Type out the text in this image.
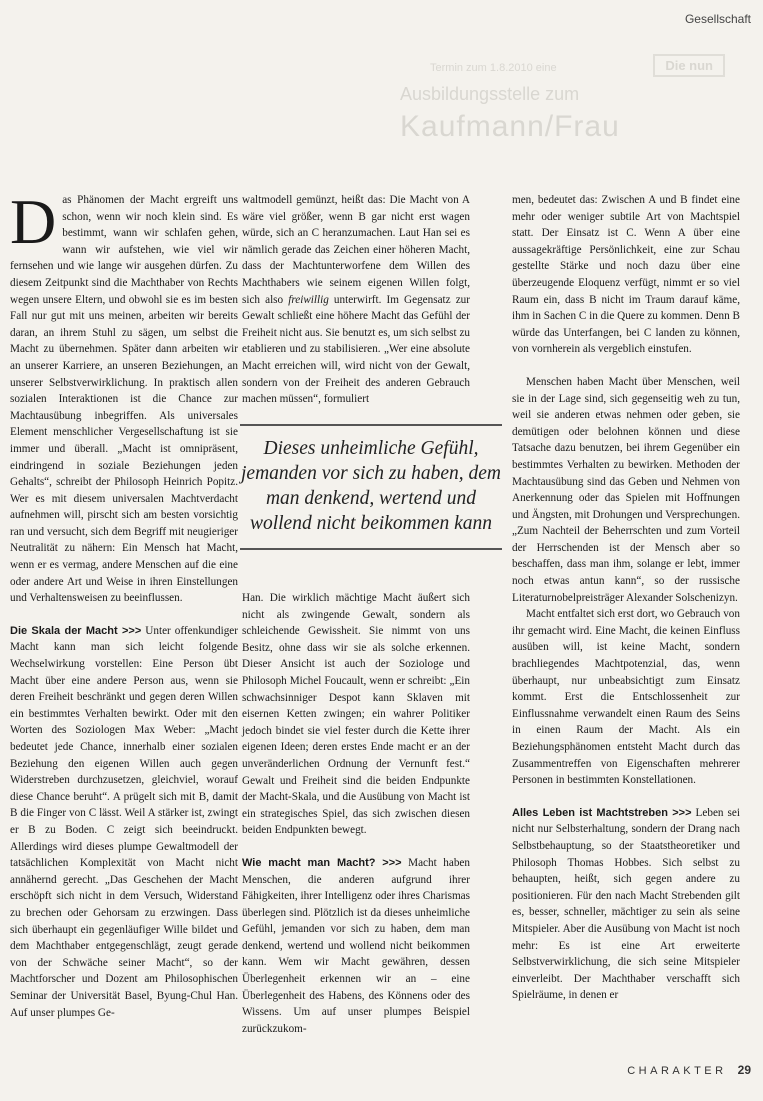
Gesellschaft
Die nun
Termin zum 1.8.2010 eine
Ausbildungsstelle zum
Kaufmann/Frau

Das Phänomen der Macht ergreift uns schon, wenn wir noch klein sind. Es bestimmt, wann wir schlafen gehen, wann wir aufstehen, wie viel wir fernsehen und wie lange wir ausgehen dürfen. Zu diesem Zeitpunkt sind die Machthaber von Rechts wegen unsere Eltern, und obwohl sie es im besten Fall nur gut mit uns meinen, arbeiten wir bereits daran, an ihrem Stuhl zu sägen, um selbst die Macht zu übernehmen. Später dann arbeiten wir an unserer Karriere, an unseren Beziehungen, an unserer Selbstverwirklichung. In praktisch allen sozialen Interaktionen ist die Chance zur Machtausübung inbegriffen. Als universales Element menschlicher Vergesellschaftung ist sie immer und überall. „Macht ist omnipräsent, eindringend in soziale Beziehungen jeden Gehalts“, schreibt der Philosoph Heinrich Popitz. Wer es mit diesem universalen Machtverdacht aufnehmen will, pirscht sich am besten vorsichtig ran und versucht, sich dem Begriff mit neugieriger Neutralität zu nähern: Ein Mensch hat Macht, wenn er es vermag, andere Menschen auf die eine oder andere Art und Weise in ihren Einstellungen und Verhaltensweisen zu beeinflussen.

Die Skala der Macht >>> Unter offenkundiger Macht kann man sich leicht folgende Wechselwirkung vorstellen: Eine Person übt Macht über eine andere Person aus, wenn sie deren Freiheit beschränkt und gegen deren Willen ein bestimmtes Verhalten bewirkt. Oder mit den Worten des Soziologen Max Weber: „Macht bedeutet jede Chance, innerhalb einer sozialen Beziehung den eigenen Willen auch gegen Widerstreben durchzusetzen, gleichviel, worauf diese Chance beruht“. A prügelt sich mit B, damit B die Finger von C lässt. Weil A stärker ist, zwingt er B zu Boden. C zeigt sich beeindruckt. Allerdings wird dieses plumpe Gewaltmodell der tatsächlichen Komplexität von Macht nicht annähernd gerecht. „Das Geschehen der Macht erschöpft sich nicht in dem Versuch, Widerstand zu brechen oder Gehorsam zu erzwingen. Dass sich überhaupt ein gegenläufiger Wille bildet und dem Machthaber entgegenschlägt, zeugt gerade von der Schwäche seiner Macht“, so der Machtforscher und Dozent am Philosophischen Seminar der Universität Basel, Byung-Chul Han. Auf unser plumpes Ge-

waltmodell gemünzt, heißt das: Die Macht von A wäre viel größer, wenn B gar nicht erst wagen würde, sich an C heranzumachen. Laut Han sei es nämlich gerade das Zeichen einer höheren Macht, dass der Machtunterworfene dem Willen des Machthabers wie seinem eigenen Willen folgt, sich also freiwillig unterwirft. Im Gegensatz zur Gewalt schließt eine höhere Macht das Gefühl der Freiheit nicht aus. Sie benutzt es, um sich selbst zu etablieren und zu stabilisieren. „Wer eine absolute Macht erreichen will, wird nicht von der Gewalt, sondern von der Freiheit des anderen Gebrauch machen müssen“, formuliert

Dieses unheimliche Gefühl, jemanden vor sich zu haben, dem man denkend, wertend und wollend nicht beikommen kann

Han. Die wirklich mächtige Macht äußert sich nicht als zwingende Gewalt, sondern als schleichende Gewissheit. Sie nimmt von uns Besitz, ohne dass wir sie als solche erkennen. Dieser Ansicht ist auch der Soziologe und Philosoph Michel Foucault, wenn er schreibt: „Ein schwachsinniger Despot kann Sklaven mit eisernen Ketten zwingen; ein wahrer Politiker jedoch bindet sie viel fester durch die Kette ihrer eigenen Ideen; deren erstes Ende macht er an der unveränderlichen Ordnung der Vernunft fest.“ Gewalt und Freiheit sind die beiden Endpunkte der Macht-Skala, und die Ausübung von Macht ist ein strategisches Spiel, das sich zwischen diesen beiden Endpunkten bewegt.

Wie macht man Macht? >>> Macht haben Menschen, die anderen aufgrund ihrer Fähigkeiten, ihrer Intelligenz oder ihres Charismas überlegen sind. Plötzlich ist da dieses unheimliche Gefühl, jemanden vor sich zu haben, dem man denkend, wertend und wollend nicht beikommen kann. Wem wir Macht gewähren, dessen Überlegenheit erkennen wir an – eine Überlegenheit des Habens, des Könnens oder des Wissens. Um auf unser plumpes Beispiel zurückzukom-

men, bedeutet das: Zwischen A und B findet eine mehr oder weniger subtile Art von Machtspiel statt. Der Einsatz ist C. Wenn A über eine aussagekräftige Persönlichkeit, eine zur Schau gestellte Stärke und noch dazu über eine überzeugende Eloquenz verfügt, nimmt er so viel Raum ein, dass B nicht im Traum darauf käme, ihm in Sachen C in die Quere zu kommen. Denn B würde das Unterfangen, bei C landen zu können, von vornherein als vergeblich einstufen.

Menschen haben Macht über Menschen, weil sie in der Lage sind, sich gegenseitig weh zu tun, weil sie anderen etwas nehmen oder geben, sie demütigen oder belohnen können und diese Tatsache dazu benutzen, bei ihrem Gegenüber ein bestimmtes Verhalten zu bewirken. Methoden der Machtausübung sind das Geben und Nehmen von Anerkennung oder das Spielen mit Hoffnungen und Ängsten, mit Drohungen und Versprechungen. „Zum Nachteil der Beherrschten und zum Vorteil der Herrschenden ist der Mensch aber so beschaffen, dass man ihm, solange er lebt, immer noch etwas antun kann“, so der russische Literaturnobelpreisträger Alexander Solschenizyn.

Macht entfaltet sich erst dort, wo Gebrauch von ihr gemacht wird. Eine Macht, die keinen Einfluss ausüben will, ist keine Macht, sondern brachliegendes Machtpotenzial, das, wenn überhaupt, nur unbeabsichtigt zum Einsatz kommt. Erst die Entschlossenheit zur Einflussnahme verwandelt einen Raum des Seins in einen Raum der Macht. Als ein Beziehungsphänomen entsteht Macht durch das Zusammentreffen von Eigenschaften mehrerer Personen in bestimmten Konstellationen.

Alles Leben ist Machtstreben >>> Leben sei nicht nur Selbsterhaltung, sondern der Drang nach Selbstbehauptung, so der Staatstheoretiker und Philosoph Thomas Hobbes. Sich selbst zu behaupten, heißt, sich gegen andere zu positionieren. Für den nach Macht Strebenden gilt es, besser, schneller, mächtiger zu sein als seine Mitspieler. Aber die Ausübung von Macht ist noch mehr: Es ist eine Art erweiterte Selbstverwirklichung, die sich seine Mitspieler einverleibt. Der Machthaber verschafft sich Spielräume, in denen er

CHARAKTER 29
